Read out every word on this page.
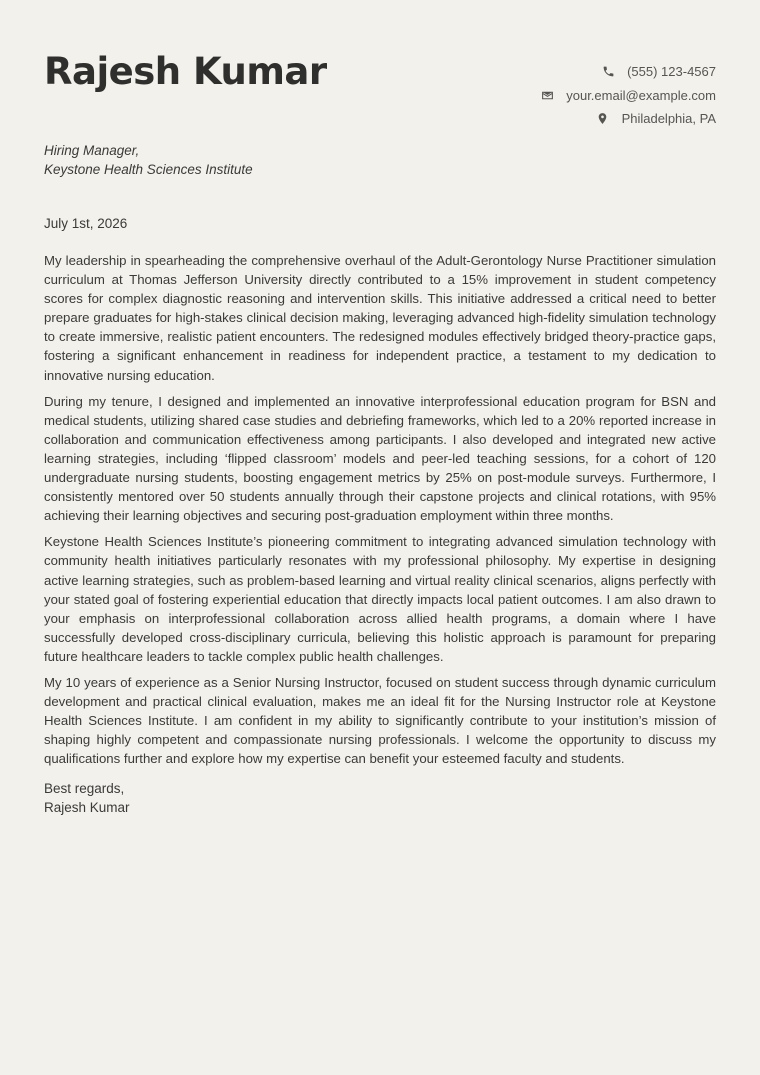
Rajesh Kumar	(555) 123-4567
your.email@example.com
Philadelphia, PA
Hiring Manager,
Keystone Health Sciences Institute
July 1st, 2026

My leadership in spearheading the comprehensive overhaul of the Adult-Gerontology Nurse Practitioner simulation curriculum at Thomas Jefferson University directly contributed to a 15% improvement in student competency scores for complex diagnostic reasoning and intervention skills. This initiative addressed a critical need to better prepare graduates for high-stakes clinical decision making, leveraging advanced high-fidelity simulation technology to create immersive, realistic patient encounters. The redesigned modules effectively bridged theory-practice gaps, fostering a significant enhancement in readiness for independent practice, a testament to my dedication to innovative nursing education.

During my tenure, I designed and implemented an innovative interprofessional education program for BSN and medical students, utilizing shared case studies and debriefing frameworks, which led to a 20% reported increase in collaboration and communication effectiveness among participants. I also developed and integrated new active learning strategies, including ‘flipped classroom’ models and peer-led teaching sessions, for a cohort of 120 undergraduate nursing students, boosting engagement metrics by 25% on post-module surveys. Furthermore, I consistently mentored over 50 students annually through their capstone projects and clinical rotations, with 95% achieving their learning objectives and securing post-graduation employment within three months.

Keystone Health Sciences Institute’s pioneering commitment to integrating advanced simulation technology with community health initiatives particularly resonates with my professional philosophy. My expertise in designing active learning strategies, such as problem-based learning and virtual reality clinical scenarios, aligns perfectly with your stated goal of fostering experiential education that directly impacts local patient outcomes. I am also drawn to your emphasis on interprofessional collaboration across allied health programs, a domain where I have successfully developed cross-disciplinary curricula, believing this holistic approach is paramount for preparing future healthcare leaders to tackle complex public health challenges.

My 10 years of experience as a Senior Nursing Instructor, focused on student success through dynamic curriculum development and practical clinical evaluation, makes me an ideal fit for the Nursing Instructor role at Keystone Health Sciences Institute. I am confident in my ability to significantly contribute to your institution’s mission of shaping highly competent and compassionate nursing professionals. I welcome the opportunity to discuss my qualifications further and explore how my expertise can benefit your esteemed faculty and students.

Best regards,
Rajesh Kumar
